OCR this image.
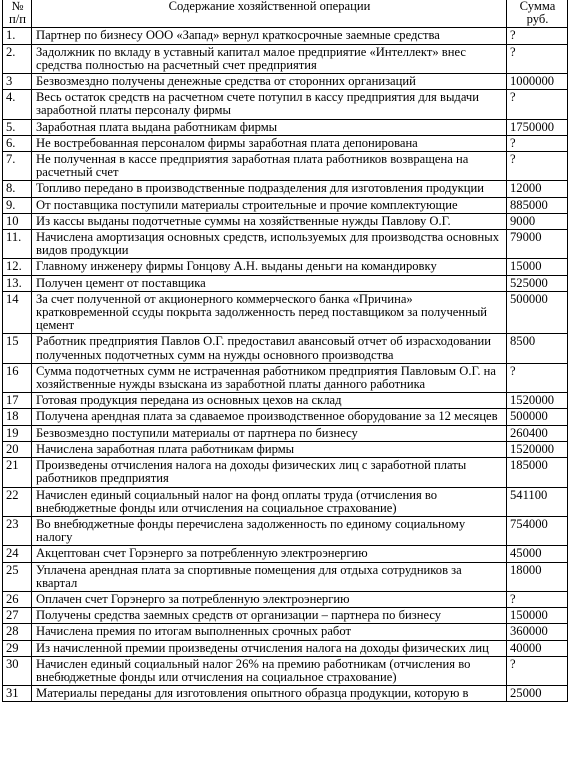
№
п/п	Содержание хозяйственной операции	Сумма
руб.
1.	Партнер по бизнесу ООО «Запад» вернул краткосрочные заемные средства	?
2.	Задолжник по вкладу в уставный капитал малое предприятие «Интеллект» внес средства полностью на расчетный счет предприятия	?
3	Безвозмездно получены денежные средства от сторонних организаций	1000000
4.	Весь остаток средств на расчетном счете потупил в кассу предприятия для выдачи заработной платы персоналу фирмы	?
5.	Заработная плата выдана работникам фирмы	1750000
6.	Не востребованная персоналом фирмы заработная плата депонирована	?
7.	Не полученная в кассе предприятия заработная плата работников возвращена на расчетный счет	?
8.	Топливо передано в производственные подразделения для изготовления продукции	12000
9.	От поставщика поступили материалы строительные и прочие комплектующие	885000
10	Из кассы выданы подотчетные суммы на хозяйственные нужды Павлову О.Г.	9000
11.	Начислена амортизация основных средств, используемых для производства основных видов продукции	79000
12.	Главному инженеру фирмы Гонцову А.Н. выданы деньги на командировку	15000
13.	Получен цемент от поставщика	525000
14	За счет полученной от акционерного коммерческого банка «Причина» кратковременной ссуды покрыта задолженность перед поставщиком за полученный цемент	500000
15	Работник предприятия Павлов О.Г. предоставил авансовый отчет об израсходовании полученных подотчетных сумм на нужды основного производства	8500
16	Сумма подотчетных сумм не истраченная работником предприятия Павловым О.Г. на хозяйственные нужды взыскана из заработной платы данного работника	?
17	Готовая продукция передана из основных цехов на склад	1520000
18	Получена арендная плата за сдаваемое производственное оборудование за 12 месяцев	500000
19	Безвозмездно поступили материалы от партнера по бизнесу	260400
20	Начислена заработная плата работникам фирмы	1520000
21	Произведены отчисления налога на доходы физических лиц с заработной платы работников предприятия	185000
22	Начислен единый социальный налог на фонд оплаты труда (отчисления во внебюджетные фонды или отчисления на социальное страхование)	541100
23	Во внебюджетные фонды перечислена задолженность по единому социальному налогу	754000
24	Акцептован счет Горэнерго за потребленную электроэнергию	45000
25	Уплачена арендная плата за спортивные помещения для отдыха сотрудников за квартал	18000
26	Оплачен счет Горэнерго за потребленную электроэнергию	?
27	Получены средства заемных средств от организации – партнера по бизнесу	150000
28	Начислена премия по итогам выполненных срочных работ	360000
29	Из начисленной премии произведены отчисления налога на доходы физических лиц	40000
30	Начислен единый социальный налог 26% на премию работникам (отчисления во внебюджетные фонды или отчисления на социальное страхование)	?
31	Материалы переданы для изготовления опытного образца продукции, которую в	25000
